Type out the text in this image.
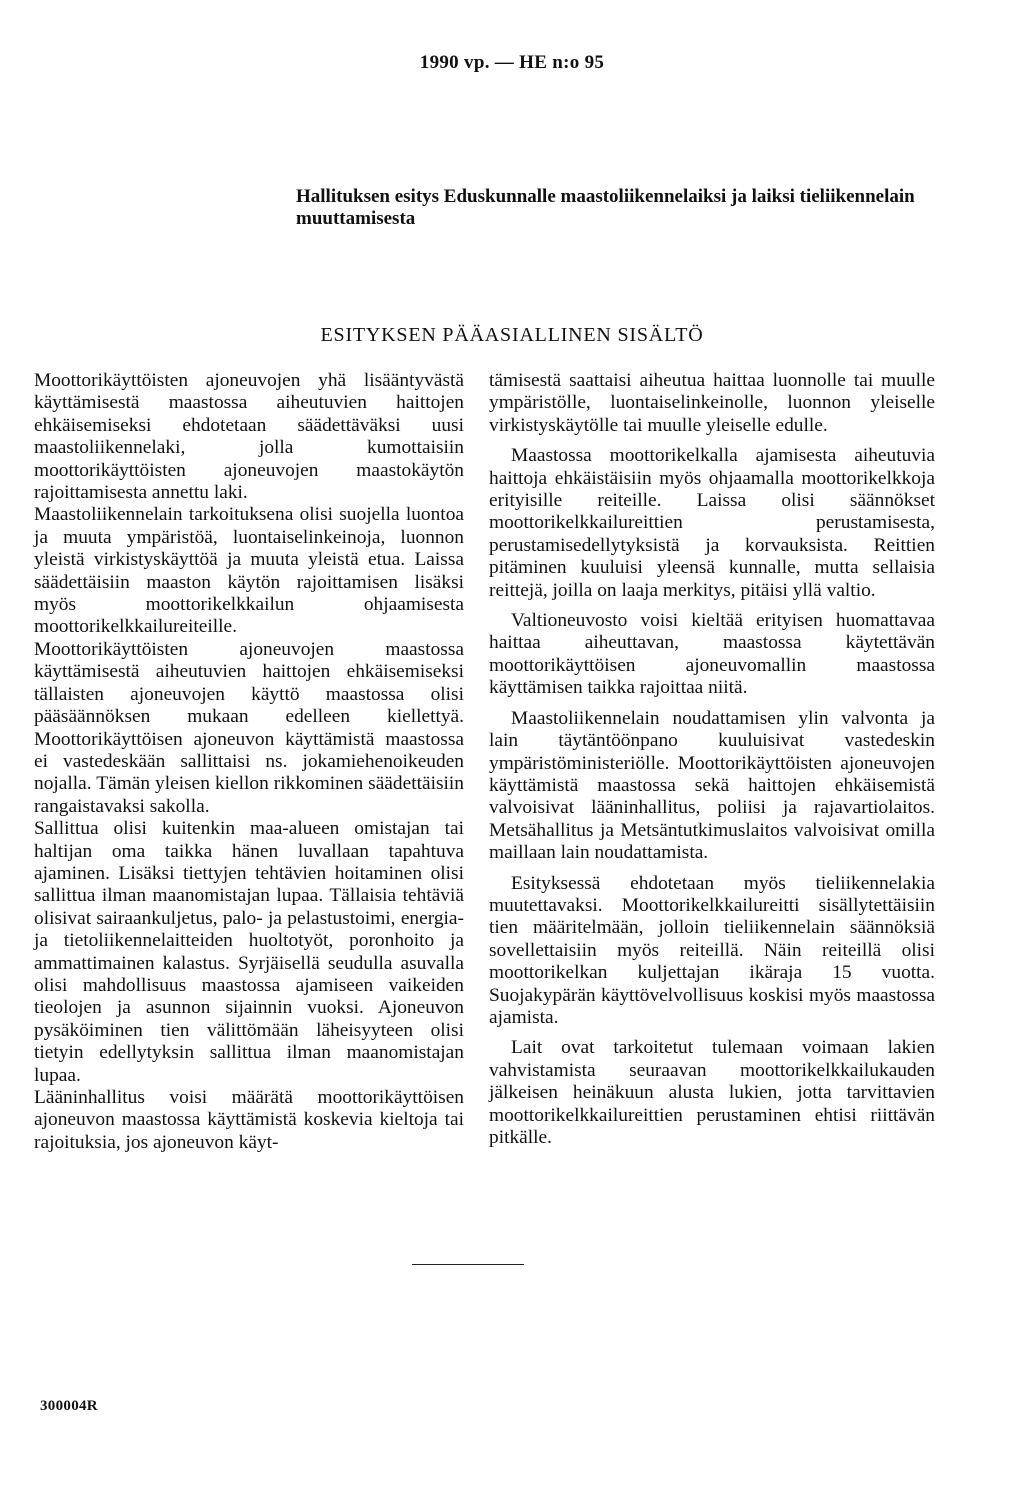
1990 vp. — HE n:o 95
Hallituksen esitys Eduskunnalle maastoliikennelaiksi ja laiksi tieliikennelain muuttamisesta
ESITYKSEN PÄÄASIALLINEN SISÄLTÖ

Moottorikäyttöisten ajoneuvojen yhä lisääntyvästä käyttämisestä maastossa aiheutuvien haittojen ehkäisemiseksi ehdotetaan säädettäväksi uusi maastoliikennelaki, jolla kumottaisiin moottorikäyttöisten ajoneuvojen maastokäytön rajoittamisesta annettu laki.

Maastoliikennelain tarkoituksena olisi suojella luontoa ja muuta ympäristöä, luontaiselinkeinoja, luonnon yleistä virkistyskäyttöä ja muuta yleistä etua. Laissa säädettäisiin maaston käytön rajoittamisen lisäksi myös moottorikelkkailun ohjaamisesta moottorikelkkailureiteille.

Moottorikäyttöisten ajoneuvojen maastossa käyttämisestä aiheutuvien haittojen ehkäisemiseksi tällaisten ajoneuvojen käyttö maastossa olisi pääsäännöksen mukaan edelleen kiellettyä. Moottorikäyttöisen ajoneuvon käyttämistä maastossa ei vastedeskään sallittaisi ns. jokamiehenoikeuden nojalla. Tämän yleisen kiellon rikkominen säädettäisiin rangaistavaksi sakolla.

Sallittua olisi kuitenkin maa-alueen omistajan tai haltijan oma taikka hänen luvallaan tapahtuva ajaminen. Lisäksi tiettyjen tehtävien hoitaminen olisi sallittua ilman maanomistajan lupaa. Tällaisia tehtäviä olisivat sairaankuljetus, palo- ja pelastustoimi, energia- ja tietoliikennelaitteiden huoltotyöt, poronhoito ja ammattimainen kalastus. Syrjäisellä seudulla asuvalla olisi mahdollisuus maastossa ajamiseen vaikeiden tieolojen ja asunnon sijainnin vuoksi. Ajoneuvon pysäköiminen tien välittömään läheisyyteen olisi tietyin edellytyksin sallittua ilman maanomistajan lupaa.

Lääninhallitus voisi määrätä moottorikäyttöisen ajoneuvon maastossa käyttämistä koskevia kieltoja tai rajoituksia, jos ajoneuvon käyt-

tämisestä saattaisi aiheutua haittaa luonnolle tai muulle ympäristölle, luontaiselinkeinolle, luonnon yleiselle virkistyskäytölle tai muulle yleiselle edulle.

Maastossa moottorikelkalla ajamisesta aiheutuvia haittoja ehkäistäisiin myös ohjaamalla moottorikelkkoja erityisille reiteille. Laissa olisi säännökset moottorikelkkailureittien perustamisesta, perustamisedellytyksistä ja korvauksista. Reittien pitäminen kuuluisi yleensä kunnalle, mutta sellaisia reittejä, joilla on laaja merkitys, pitäisi yllä valtio.

Valtioneuvosto voisi kieltää erityisen huomattavaa haittaa aiheuttavan, maastossa käytettävän moottorikäyttöisen ajoneuvomallin maastossa käyttämisen taikka rajoittaa niitä.

Maastoliikennelain noudattamisen ylin valvonta ja lain täytäntöönpano kuuluisivat vastedeskin ympäristöministeriölle. Moottorikäyttöisten ajoneuvojen käyttämistä maastossa sekä haittojen ehkäisemistä valvoisivat lääninhallitus, poliisi ja rajavartiolaitos. Metsähallitus ja Metsäntutkimuslaitos valvoisivat omilla maillaan lain noudattamista.

Esityksessä ehdotetaan myös tieliikennelakia muutettavaksi. Moottorikelkkailureitti sisällytettäisiin tien määritelmään, jolloin tieliikennelain säännöksiä sovellettaisiin myös reiteillä. Näin reiteillä olisi moottorikelkan kuljettajan ikäraja 15 vuotta. Suojakypärän käyttövelvollisuus koskisi myös maastossa ajamista.

Lait ovat tarkoitetut tulemaan voimaan lakien vahvistamista seuraavan moottorikelkkailukauden jälkeisen heinäkuun alusta lukien, jotta tarvittavien moottorikelkkailureittien perustaminen ehtisi riittävän pitkälle.

300004R
